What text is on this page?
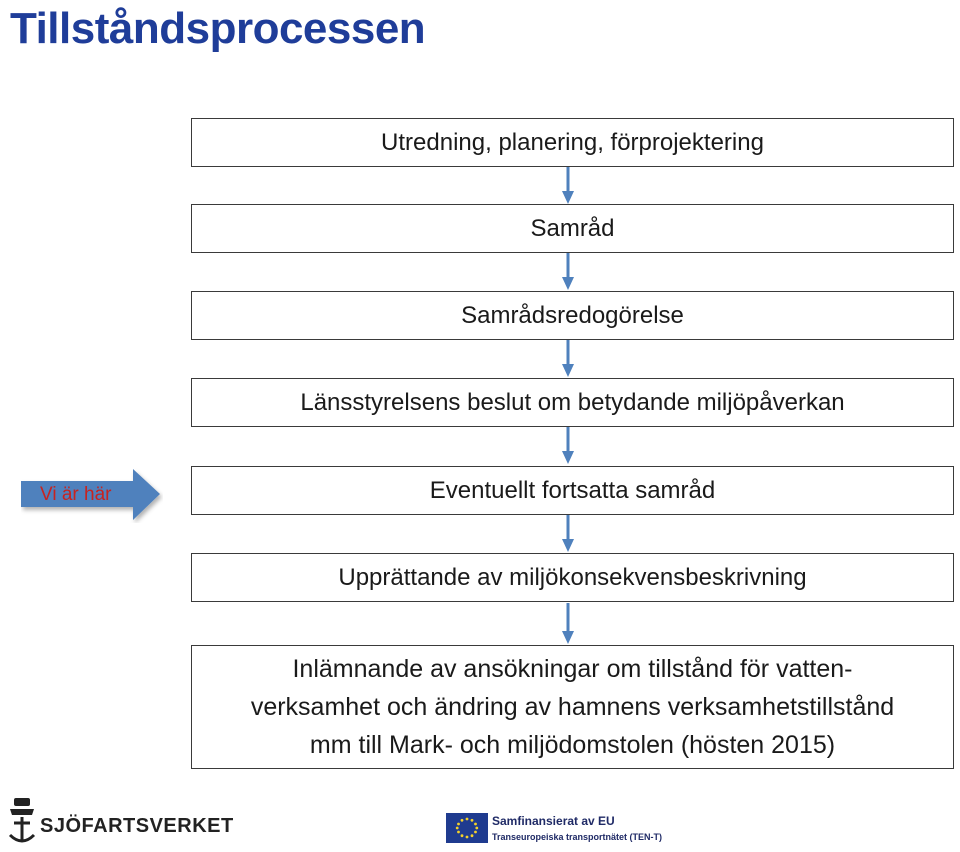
Tillståndsprocessen
Utredning, planering, förprojektering
Samråd
Samrådsredogörelse
Länsstyrelsens beslut om betydande miljöpåverkan
Eventuellt fortsatta samråd
Upprättande av miljökonsekvensbeskrivning
Inlämnande av ansökningar om tillstånd för vatten-
verksamhet och ändring av hamnens verksamhetstillstånd
mm till Mark- och miljödomstolen (hösten 2015)
Vi är här
SJÖFARTSVERKET	Samfinansierat av EU
Transeuropeiska transportnätet (TEN-T)
